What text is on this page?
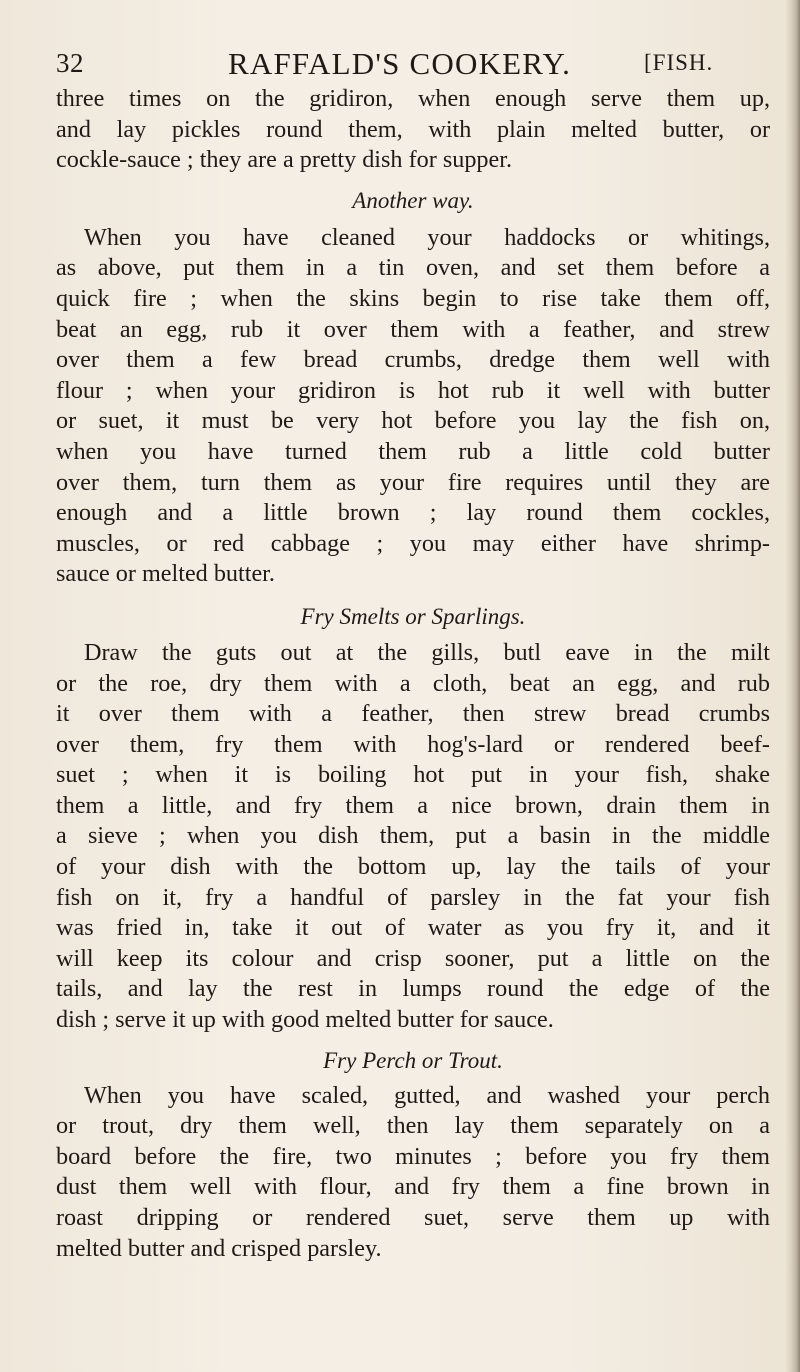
32	RAFFALD'S COOKERY.	[FISH.
three times on the gridiron, when enough serve them up,
and lay pickles round them, with plain melted butter, or
cockle-sauce ; they are a pretty dish for supper.
Another way.
When you have cleaned your haddocks or whitings,
as above, put them in a tin oven, and set them before a
quick fire ; when the skins begin to rise take them off,
beat an egg, rub it over them with a feather, and strew
over them a few bread crumbs, dredge them well with
flour ; when your gridiron is hot rub it well with butter
or suet, it must be very hot before you lay the fish on,
when you have turned them rub a little cold butter
over them, turn them as your fire requires until they are
enough and a little brown ; lay round them cockles,
muscles, or red cabbage ; you may either have shrimp-
sauce or melted butter.
Fry Smelts or Sparlings.
Draw the guts out at the gills, butl eave in the milt
or the roe, dry them with a cloth, beat an egg, and rub
it over them with a feather, then strew bread crumbs
over them, fry them with hog's-lard or rendered beef-
suet ; when it is boiling hot put in your fish, shake
them a little, and fry them a nice brown, drain them in
a sieve ; when you dish them, put a basin in the middle
of your dish with the bottom up, lay the tails of your
fish on it, fry a handful of parsley in the fat your fish
was fried in, take it out of water as you fry it, and it
will keep its colour and crisp sooner, put a little on the
tails, and lay the rest in lumps round the edge of the
dish ; serve it up with good melted butter for sauce.
Fry Perch or Trout.
When you have scaled, gutted, and washed your perch
or trout, dry them well, then lay them separately on a
board before the fire, two minutes ; before you fry them
dust them well with flour, and fry them a fine brown in
roast dripping or rendered suet, serve them up with
melted butter and crisped parsley.
